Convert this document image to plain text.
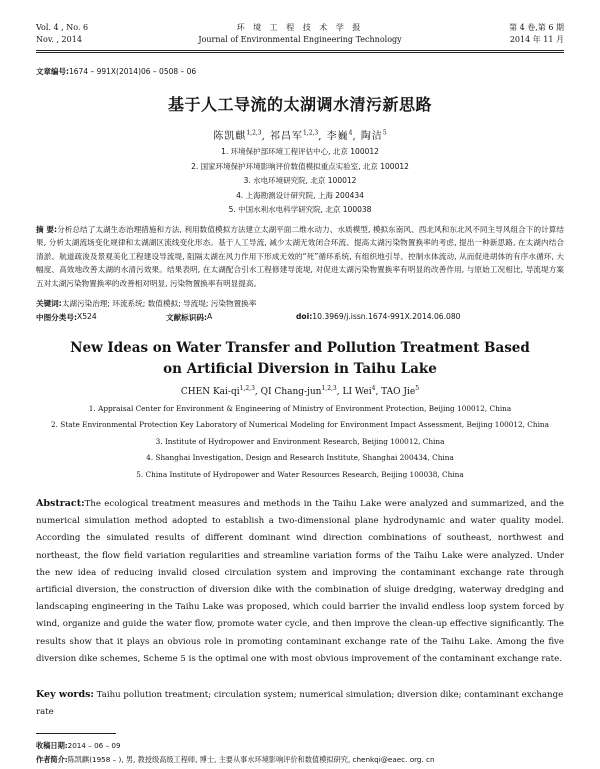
Vol. 4 , No. 6
Nov. , 2014
环 境 工 程 技 术 学 报
Journal of Environmental Engineering Technology
第 4 卷,第 6 期
2014 年 11 月
文章编号:1674 – 991X(2014)06 – 0508 – 06
基于人工导流的太湖调水清污新思路
陈凯麒$^{1,2,3}$, 祁昌军$^{1,2,3}$, 李巍$^4$, 陶洁$^5$
1. 环境保护部环境工程评估中心, 北京 100012
2. 国家环境保护环境影响评价数值模拟重点实验室, 北京 100012
3. 水电环境研究院, 北京 100012
4. 上海勘测设计研究院, 上海 200434
5. 中国水利水电科学研究院, 北京 100038
摘 要:分析总结了太湖生态治理措施和方法, 利用数值模拟方法建立太湖平面二维水动力、水质模型, 模拟东南风、西北风和东北风不同主导风组合下的计算结果, 分析太湖流场变化规律和太湖湖区流线变化形态。基于人工导流, 减少太湖无效闭合环流、提高太湖污染物置换率的考虑, 提出一种新思路, 在太湖内结合清淤、航道疏浚及景观美化工程建设导流堤, 阻隔太湖在风力作用下形成无效的“死”循环系统, 有组织地引导、控制水体流动, 从而促进胡体的有序水循环, 大幅度、高效地改善太湖的水清污效果。结果表明, 在太湖配合引水工程修建导流堤, 对促进太湖污染物置换率有明显的改善作用, 与原始工况相比, 导流堤方案五对太湖污染物置换率的改善相对明显, 污染物置换率有明显提高。
关键词:太湖污染治理; 环流系统; 数值模拟; 导流堤; 污染物置换率
中图分类号: X524	文献标识码: A	doi: 10.3969/j.issn.1674-991X.2014.06.080
New Ideas on Water Transfer and Pollution Treatment Based
on Artificial Diversion in Taihu Lake
CHEN Kai-qi$^{1,2,3}$, QI Chang-jun$^{1,2,3}$, LI Wei$^4$, TAO Jie$^5$
1. Appraisal Center for Environment & Engineering of Ministry of Environment Protection, Beijing 100012, China
2. State Environmental Protection Key Laboratory of Numerical Modeling for Environment Impact Assessment, Beijing 100012, China
3. Institute of Hydropower and Environment Research, Beijing 100012, China
4. Shanghai Investigation, Design and Research Institute, Shanghai 200434, China
5. China Institute of Hydropower and Water Resources Research, Beijing 100038, China
Abstract:The ecological treatment measures and methods in the Taihu Lake were analyzed and summarized, and the numerical simulation method adopted to establish a two-dimensional plane hydrodynamic and water quality model. According the simulated results of different dominant wind direction combinations of southeast, northwest and northeast, the flow field variation regularities and streamline variation forms of the Taihu Lake were analyzed. Under the new idea of reducing invalid closed circulation system and improving the contaminant exchange rate through artificial diversion, the construction of diversion dike with the combination of sluige dredging, waterway dredging and landscaping engineering in the Taihu Lake was proposed, which could barrier the invalid endless loop system forced by wind, organize and guide the water flow, promote water cycle, and then improve the clean-up effective significantly. The results show that it plays an obvious role in promoting contaminant exchange rate of the Taihu Lake. Among the five diversion dike schemes, Scheme 5 is the optimal one with most obvious improvement of the contaminant exchange rate.
Key words: Taihu pollution treatment; circulation system; numerical simulation; diversion dike; contaminant exchange rate
收稿日期:2014 – 06 – 09
作者简介:陈凯麒(1958 – ), 男, 教授级高级工程师, 博士, 主要从事水环境影响评价和数值模拟研究, chenkqi@eaec. org. cn
